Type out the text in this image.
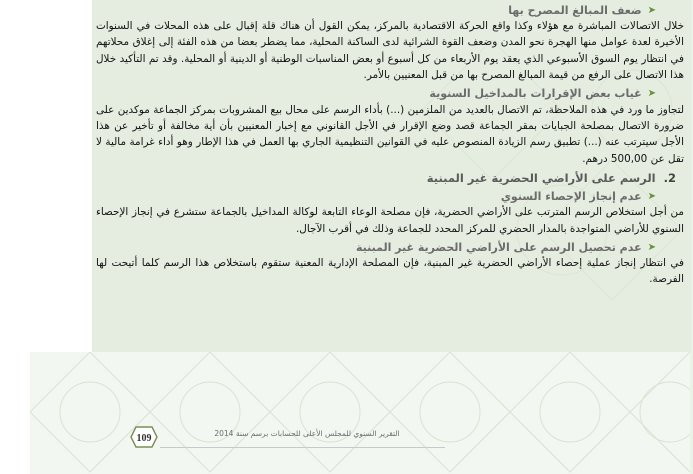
➤
ضعف المبالغ المصرح بها

خلال الاتصالات المباشرة مع هؤلاء وكذا واقع الحركة الاقتصادية بالمركز، يمكن القول أن هناك قلة إقبال على هذه المحلات في السنوات الأخيرة لعدة عوامل منها الهجرة نحو المدن وضعف القوة الشرائية لدى الساكنة المحلية، مما يضطر بعضا من هذه الفئة إلى إغلاق محلاتهم في انتظار يوم السوق الأسبوعي الذي يعقد يوم الأربعاء من كل أسبوع أو بعض المناسبات الوطنية أو الدينية أو المحلية. وقد تم التأكيد خلال هذا الاتصال على الرفع من قيمة المبالغ المصرح بها من قبل المعنيين بالأمر.

➤
غياب بعض الإقرارات بالمداخيل السنوية

لتجاوز ما ورد في هذه الملاحظة، تم الاتصال بالعديد من الملزمين (...) بأداء الرسم على محال بيع المشروبات بمركز الجماعة موكدين على ضرورة الاتصال بمصلحة الجبايات بمقر الجماعة قصد وضع الإقرار في الأجل القانوني مع إخبار المعنيين بأن أية مخالفة أو تأخير عن هذا الأجل سيترتب عنه (...) تطبيق رسم الزيادة المنصوص عليه في القوانين التنظيمية الجاري بها العمل في هذا الإطار وهو أداء غرامة مالية لا تقل عن 500,00 درهم.

2.
الرسم على الأراضي الحضرية غير المبنية
➤
عدم إنجاز الإحصاء السنوي

من أجل استخلاص الرسم المترتب على الأراضي الحضرية، فإن مصلحة الوعاء التابعة لوكالة المداخيل بالجماعة ستشرع في إنجاز الإحصاء السنوي للأراضي المتواجدة بالمدار الحضري للمركز المحدد للجماعة وذلك في أقرب الآجال.

➤
عدم تحصيل الرسم على الأراضي الحضرية غير المبنية

في انتظار إنجاز عملية إحصاء الأراضي الحضرية غير المبنية، فإن المصلحة الإدارية المعنية ستقوم باستخلاص هذا الرسم كلما أتيحت لها الفرصة.

التقرير السنوي للمجلس الأعلى للحسابات برسم سنة 2014
109
